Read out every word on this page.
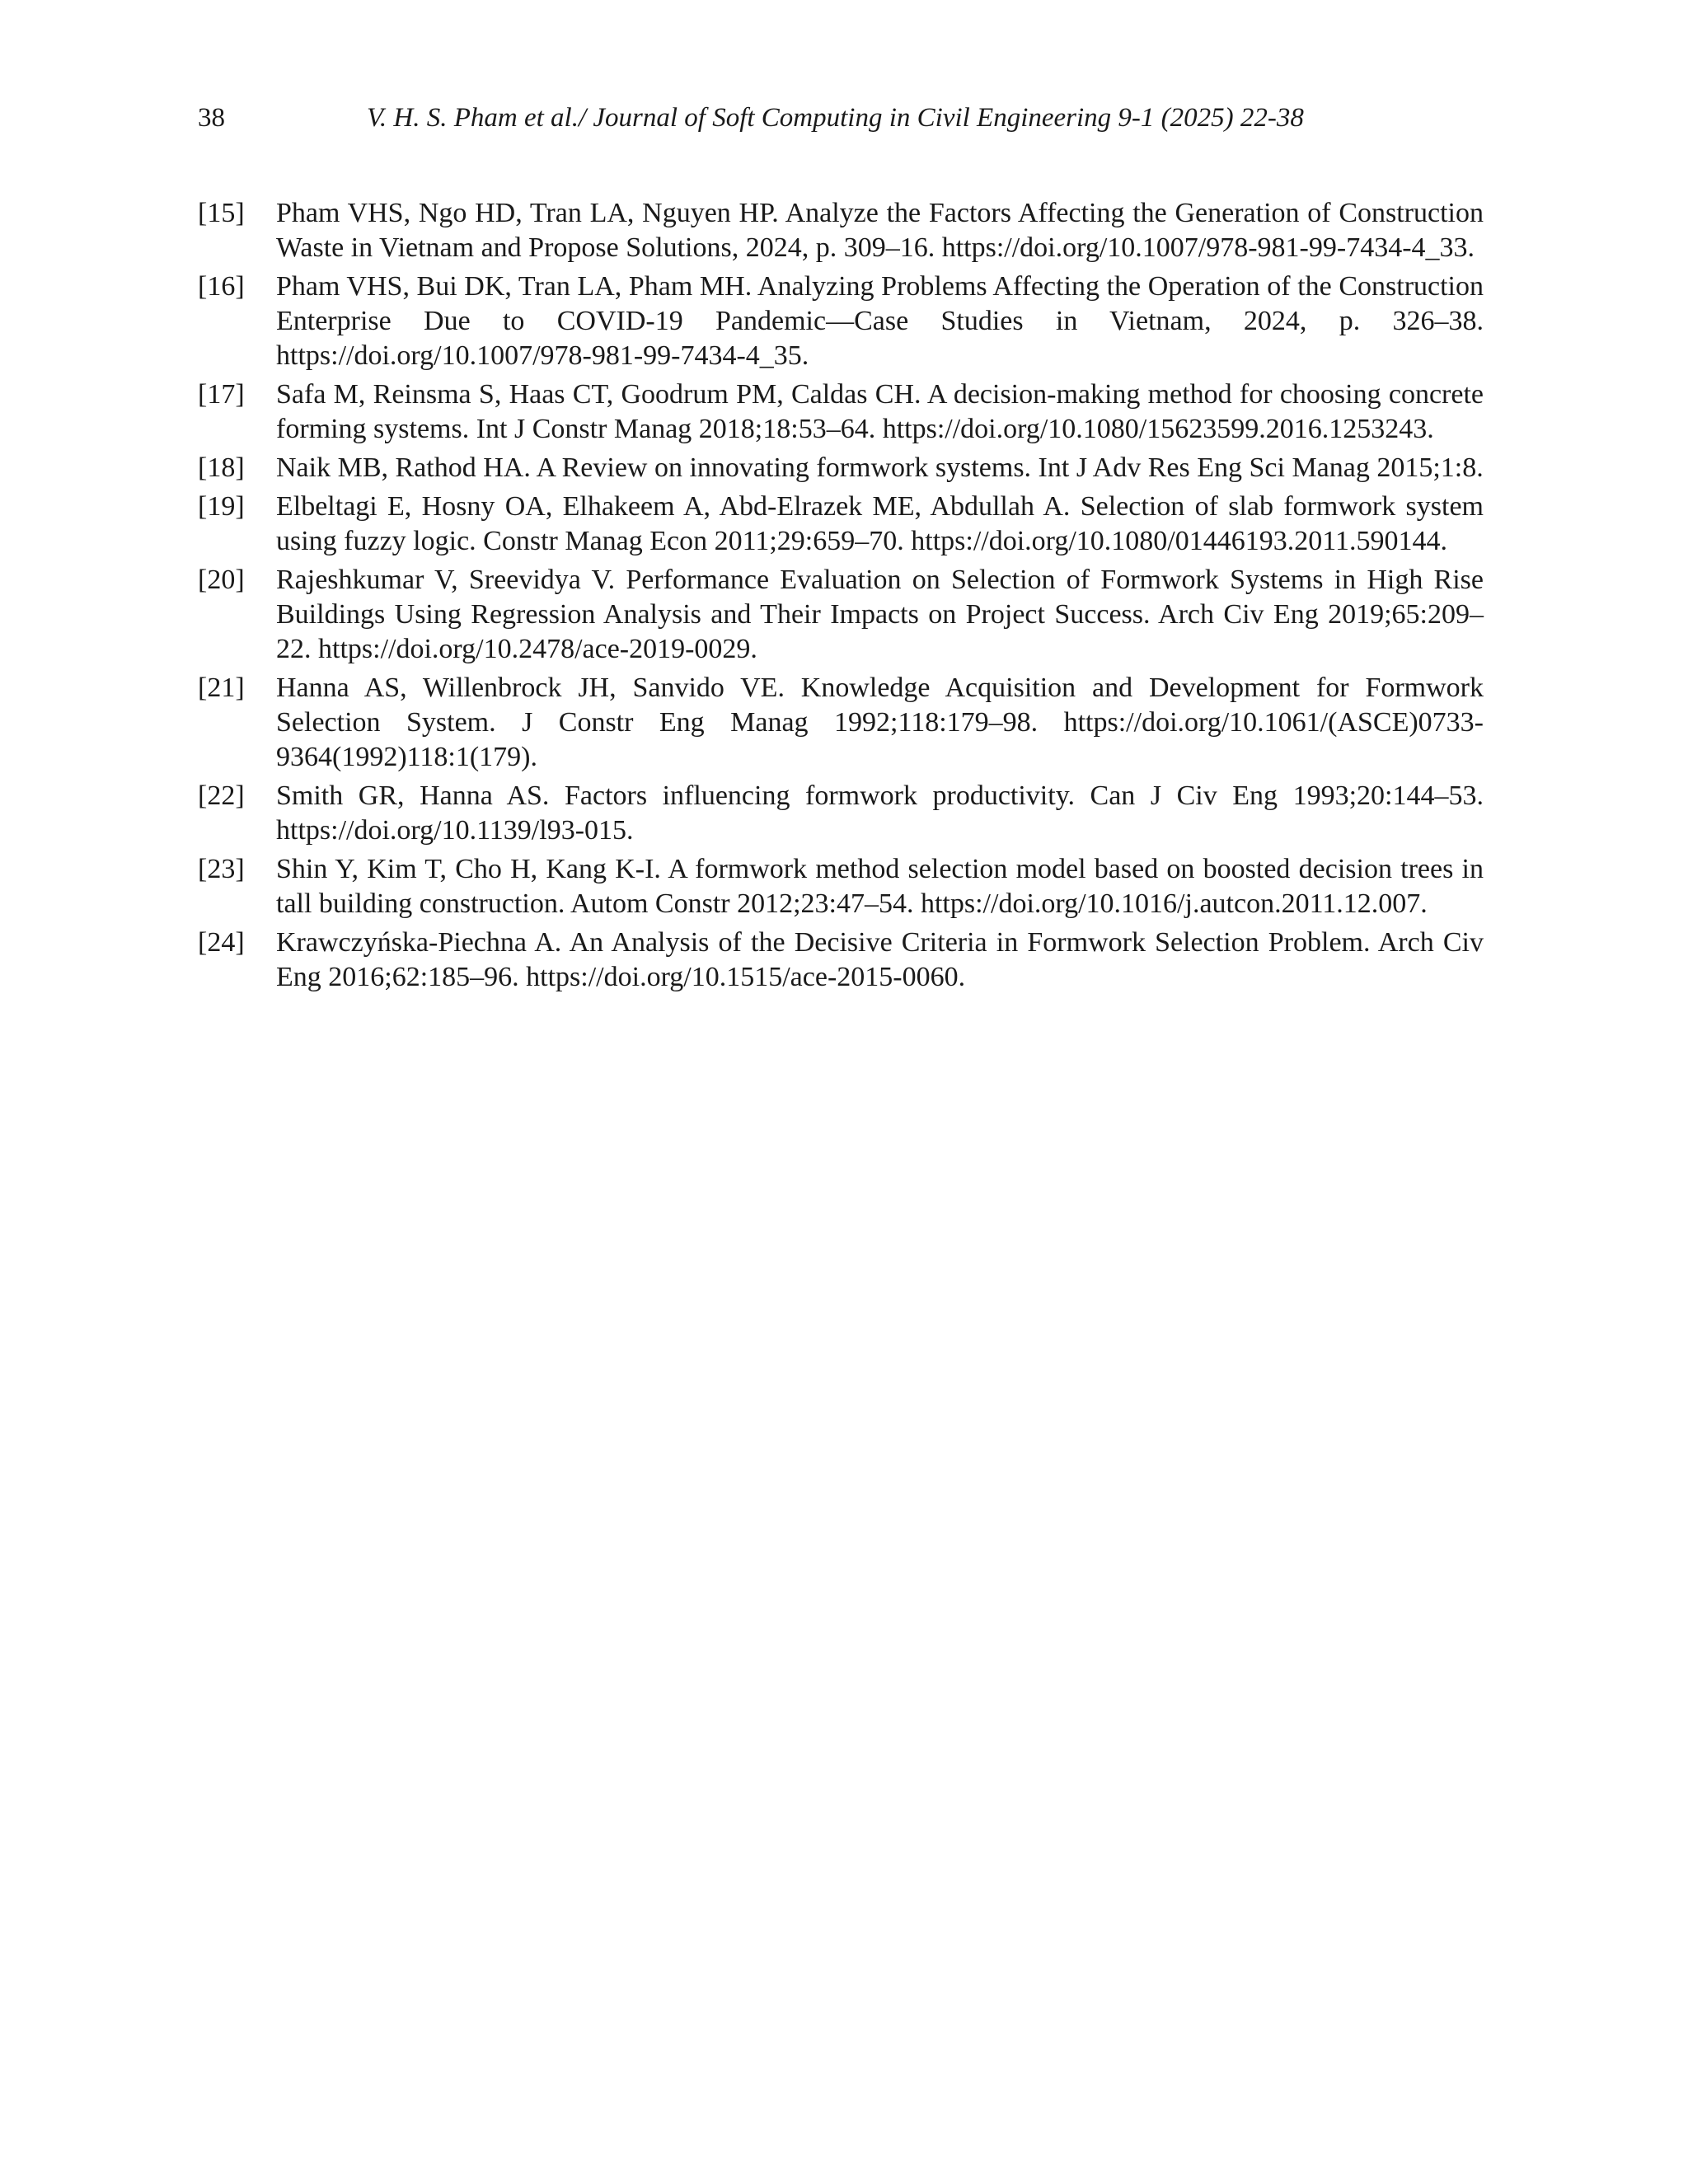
38	V. H. S. Pham et al./ Journal of Soft Computing in Civil Engineering 9-1 (2025) 22-38
[15]	Pham VHS, Ngo HD, Tran LA, Nguyen HP. Analyze the Factors Affecting the Generation of Construction Waste in Vietnam and Propose Solutions, 2024, p. 309–16. https://doi.org/10.1007/978-981-99-7434-4_33.
[16]	Pham VHS, Bui DK, Tran LA, Pham MH. Analyzing Problems Affecting the Operation of the Construction Enterprise Due to COVID-19 Pandemic—Case Studies in Vietnam, 2024, p. 326–38. https://doi.org/10.1007/978-981-99-7434-4_35.
[17]	Safa M, Reinsma S, Haas CT, Goodrum PM, Caldas CH. A decision-making method for choosing concrete forming systems. Int J Constr Manag 2018;18:53–64. https://doi.org/10.1080/15623599.2016.1253243.
[18]	Naik MB, Rathod HA. A Review on innovating formwork systems. Int J Adv Res Eng Sci Manag 2015;1:8.
[19]	Elbeltagi E, Hosny OA, Elhakeem A, Abd-Elrazek ME, Abdullah A. Selection of slab formwork system using fuzzy logic. Constr Manag Econ 2011;29:659–70. https://doi.org/10.1080/01446193.2011.590144.
[20]	Rajeshkumar V, Sreevidya V. Performance Evaluation on Selection of Formwork Systems in High Rise Buildings Using Regression Analysis and Their Impacts on Project Success. Arch Civ Eng 2019;65:209–22. https://doi.org/10.2478/ace-2019-0029.
[21]	Hanna AS, Willenbrock JH, Sanvido VE. Knowledge Acquisition and Development for Formwork Selection System. J Constr Eng Manag 1992;118:179–98. https://doi.org/10.1061/(ASCE)0733-9364(1992)118:1(179).
[22]	Smith GR, Hanna AS. Factors influencing formwork productivity. Can J Civ Eng 1993;20:144–53. https://doi.org/10.1139/l93-015.
[23]	Shin Y, Kim T, Cho H, Kang K-I. A formwork method selection model based on boosted decision trees in tall building construction. Autom Constr 2012;23:47–54. https://doi.org/10.1016/j.autcon.2011.12.007.
[24]	Krawczyńska-Piechna A. An Analysis of the Decisive Criteria in Formwork Selection Problem. Arch Civ Eng 2016;62:185–96. https://doi.org/10.1515/ace-2015-0060.
